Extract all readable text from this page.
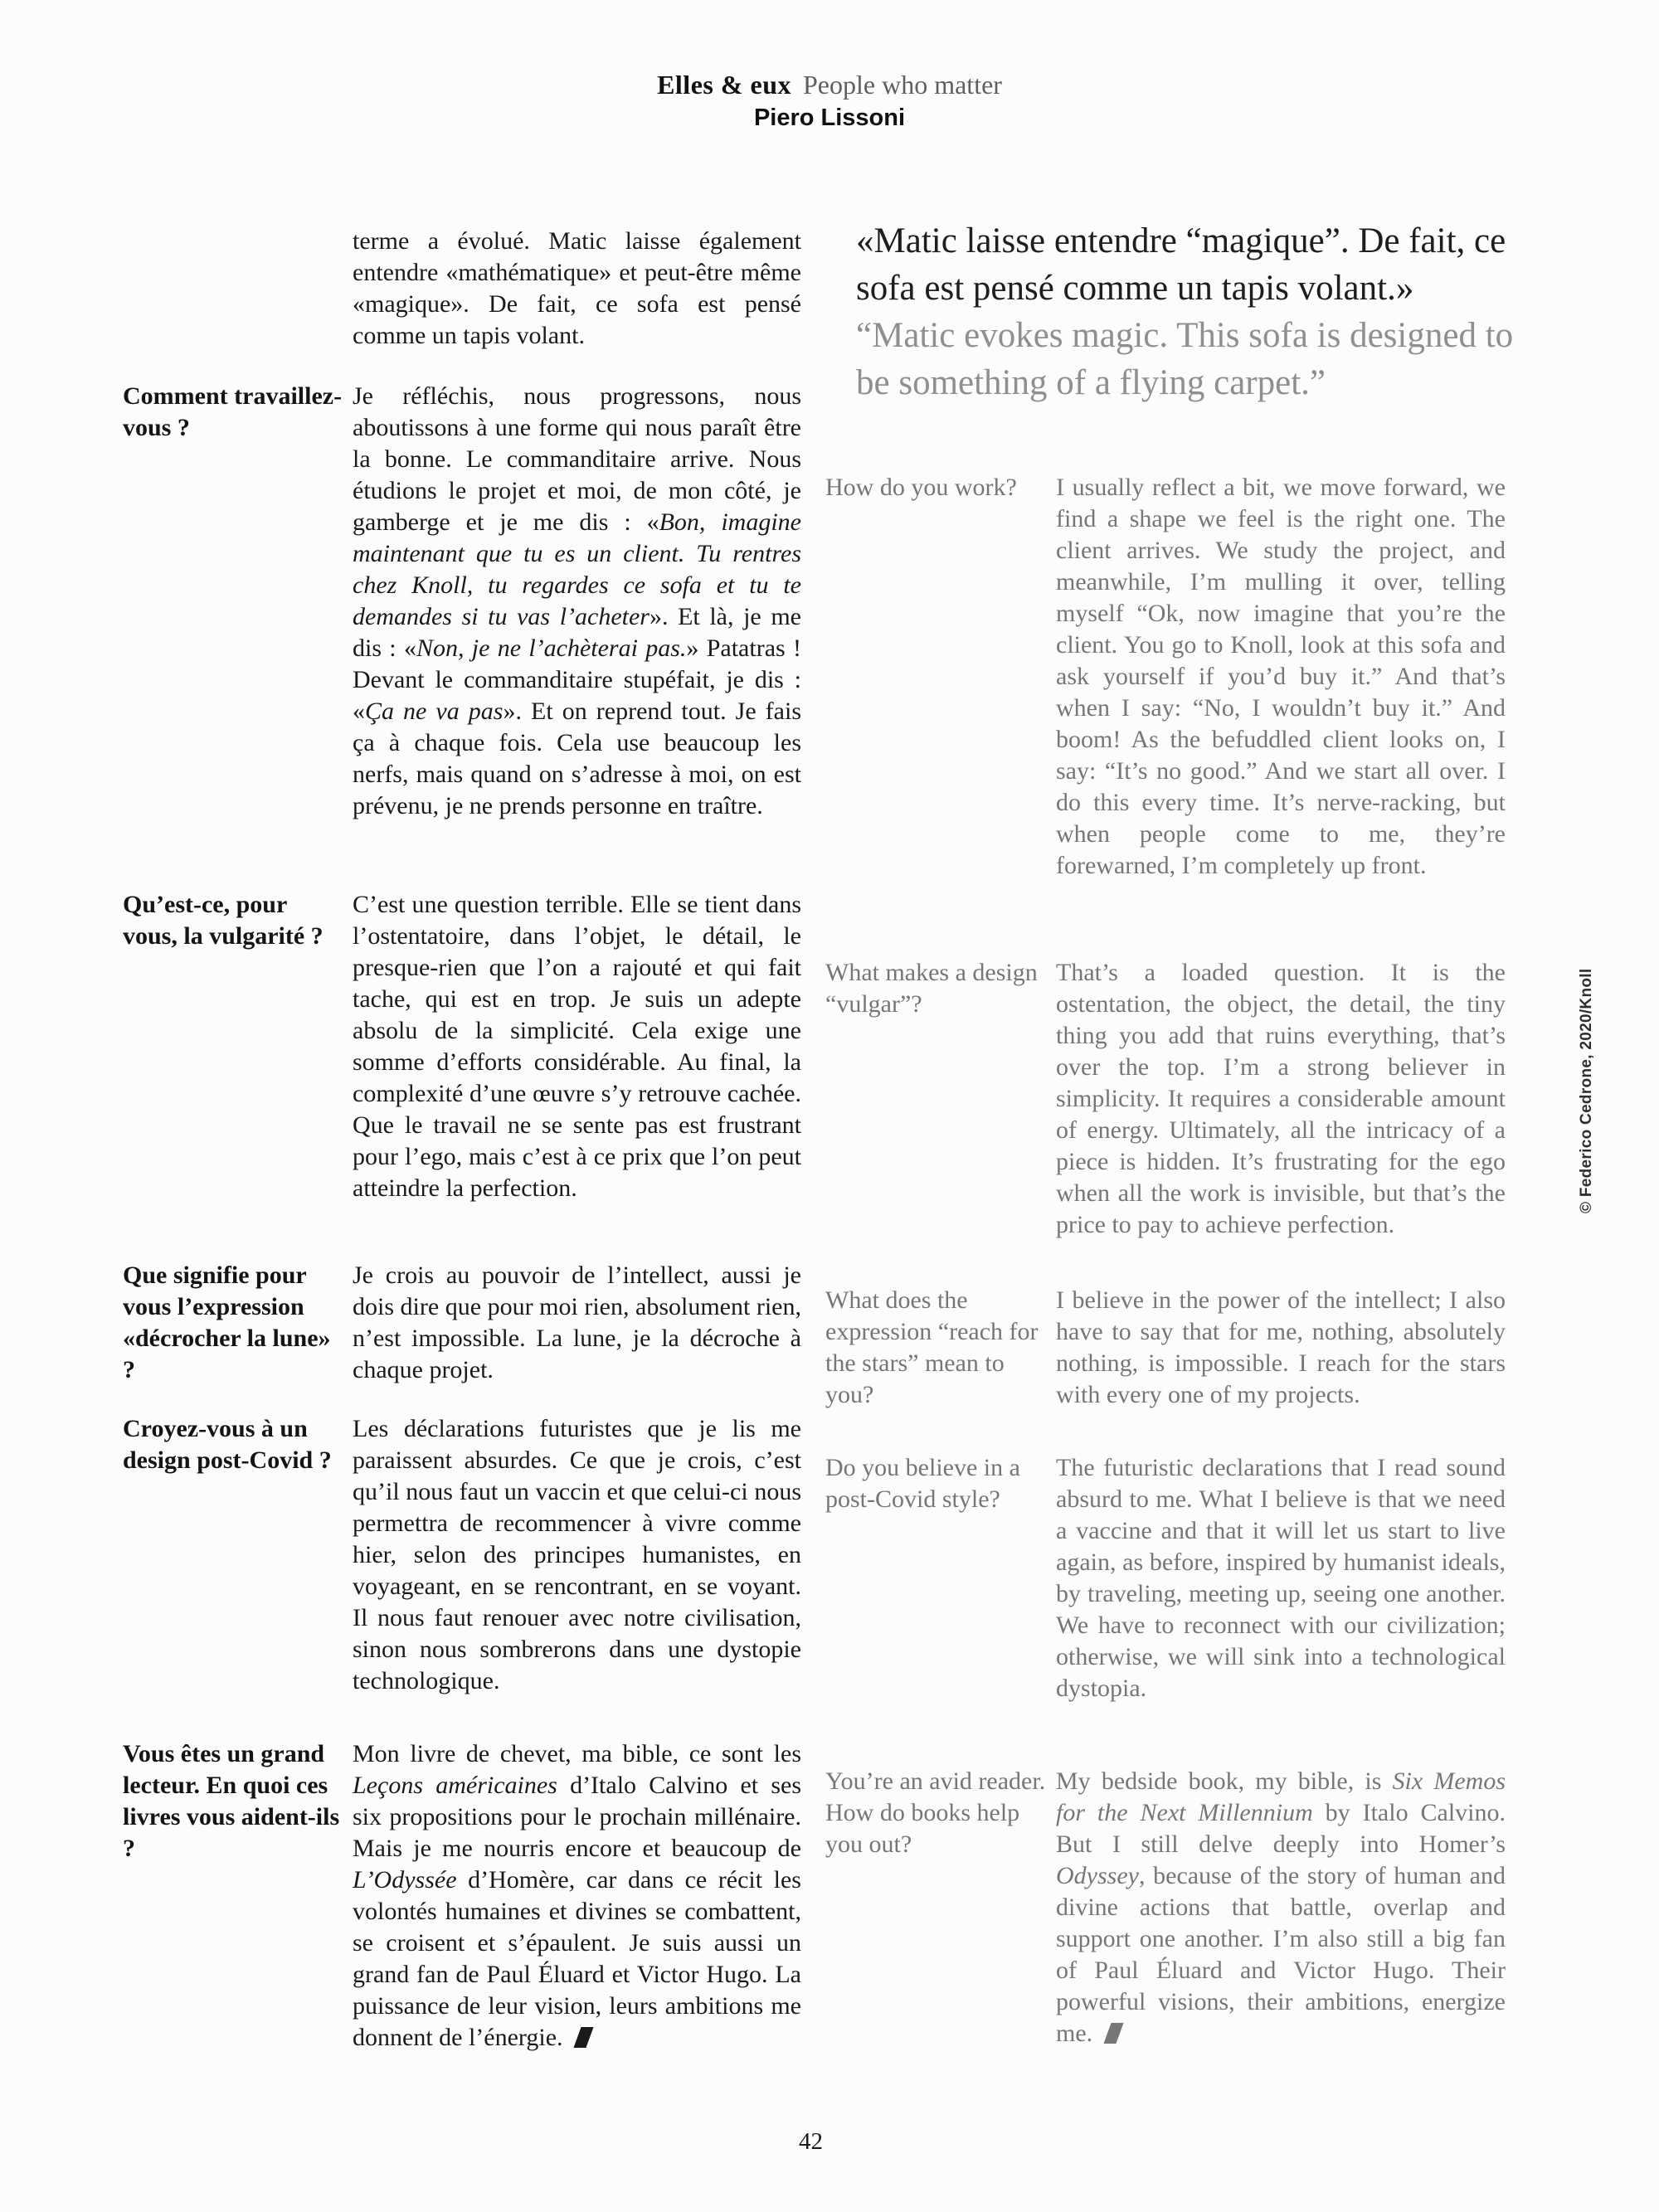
Elles & eux People who matter
Piero Lissoni

«Matic laisse entendre “magique”. De fait, ce sofa est pensé comme un tapis volant.»

“Matic evokes magic. This sofa is designed to be something of a flying carpet.”

terme a évolué. Matic laisse également entendre «mathématique» et peut-être même «magique». De fait, ce sofa est pensé comme un tapis volant.
Comment travaillez-vous ?
Je réfléchis, nous progressons, nous aboutissons à une forme qui nous paraît être la bonne. Le commanditaire arrive. Nous étudions le projet et moi, de mon côté, je gamberge et je me dis : «Bon, imagine maintenant que tu es un client. Tu rentres chez Knoll, tu regardes ce sofa et tu te demandes si tu vas l’acheter». Et là, je me dis : «Non, je ne l’achèterai pas.» Patatras ! Devant le commanditaire stupéfait, je dis : «Ça ne va pas». Et on reprend tout. Je fais ça à chaque fois. Cela use beaucoup les nerfs, mais quand on s’adresse à moi, on est prévenu, je ne prends personne en traître.
Qu’est-ce, pour vous, la vulgarité ?
C’est une question terrible. Elle se tient dans l’ostentatoire, dans l’objet, le détail, le presque-rien que l’on a rajouté et qui fait tache, qui est en trop. Je suis un adepte absolu de la simplicité. Cela exige une somme d’efforts considérable. Au final, la complexité d’une œuvre s’y retrouve cachée. Que le travail ne se sente pas est frustrant pour l’ego, mais c’est à ce prix que l’on peut atteindre la perfection.
Que signifie pour vous l’expression «décrocher la lune» ?
Je crois au pouvoir de l’intellect, aussi je dois dire que pour moi rien, absolument rien, n’est impossible. La lune, je la décroche à chaque projet.
Croyez-vous à un design post-Covid ?
Les déclarations futuristes que je lis me paraissent absurdes. Ce que je crois, c’est qu’il nous faut un vaccin et que celui-ci nous permettra de recommencer à vivre comme hier, selon des principes humanistes, en voyageant, en se rencontrant, en se voyant. Il nous faut renouer avec notre civilisation, sinon nous sombrerons dans une dystopie technologique.
Vous êtes un grand lecteur. En quoi ces livres vous aident-ils ?
Mon livre de chevet, ma bible, ce sont les Leçons américaines d’Italo Calvino et ses six propositions pour le prochain millénaire. Mais je me nourris encore et beaucoup de L’Odyssée d’Homère, car dans ce récit les volontés humaines et divines se combattent, se croisent et s’épaulent. Je suis aussi un grand fan de Paul Éluard et Victor Hugo. La puissance de leur vision, leurs ambitions me donnent de l’énergie.
How do you work?	I usually reflect a bit, we move forward, we find a shape we feel is the right one. The client arrives. We study the project, and meanwhile, I’m mulling it over, telling myself “Ok, now imagine that you’re the client. You go to Knoll, look at this sofa and ask yourself if you’d buy it.” And that’s when I say: “No, I wouldn’t buy it.” And boom! As the befuddled client looks on, I say: “It’s no good.” And we start all over. I do this every time. It’s nerve-racking, but when people come to me, they’re forewarned, I’m completely up front.
What makes a design “vulgar”?
That’s a loaded question. It is the ostentation, the object, the detail, the tiny thing you add that ruins everything, that’s over the top. I’m a strong believer in simplicity. It requires a considerable amount of energy. Ultimately, all the intricacy of a piece is hidden. It’s frustrating for the ego when all the work is invisible, but that’s the price to pay to achieve perfection.
What does the expression “reach for the stars” mean to you?
I believe in the power of the intellect; I also have to say that for me, nothing, absolutely nothing, is impossible. I reach for the stars with every one of my projects.
Do you believe in a post-Covid style?
The futuristic declarations that I read sound absurd to me. What I believe is that we need a vaccine and that it will let us start to live again, as before, inspired by humanist ideals, by traveling, meeting up, seeing one another. We have to reconnect with our civilization; otherwise, we will sink into a technological dystopia.
You’re an avid reader. How do books help you out?
My bedside book, my bible, is Six Memos for the Next Millennium by Italo Calvino. But I still delve deeply into Homer’s Odyssey, because of the story of human and divine actions that battle, overlap and support one another. I’m also still a big fan of Paul Éluard and Victor Hugo. Their powerful visions, their ambitions, energize me.
© Federico Cedrone, 2020/Knoll
42
